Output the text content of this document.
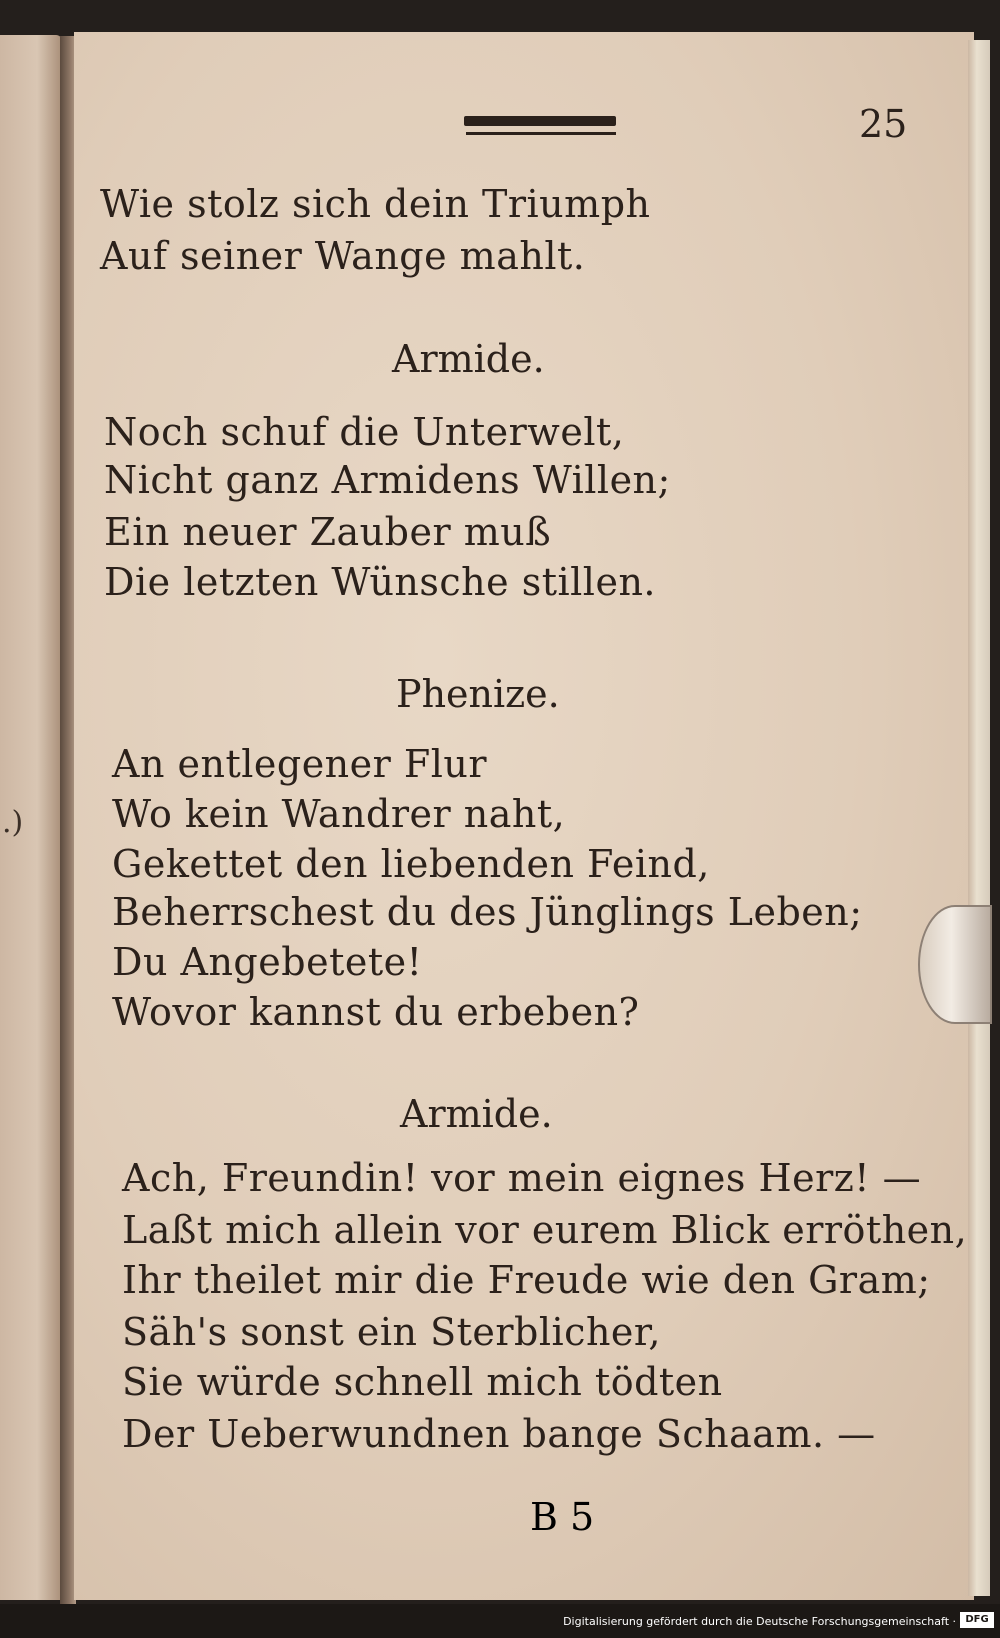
.)
25
Wie stolz sich dein Triumph
Auf seiner Wange mahlt.
Armide.
Noch schuf die Unterwelt,
Nicht ganz Armidens Willen;
Ein neuer Zauber muß
Die letzten Wünsche stillen.
Phenize.
An entlegener Flur
Wo kein Wandrer naht,
Gekettet den liebenden Feind,
Beherrschest du des Jünglings Leben;
Du Angebetete!
Wovor kannst du erbeben?
Armide.
Ach, Freundin! vor mein eignes Herz! —
Laßt mich allein vor eurem Blick erröthen,
Ihr theilet mir die Freude wie den Gram;
Säh's sonst ein Sterblicher,
Sie würde schnell mich tödten
Der Ueberwundnen bange Schaam. —
B 5
Digitalisierung gefördert durch die Deutsche Forschungsgemeinschaft · DFG
